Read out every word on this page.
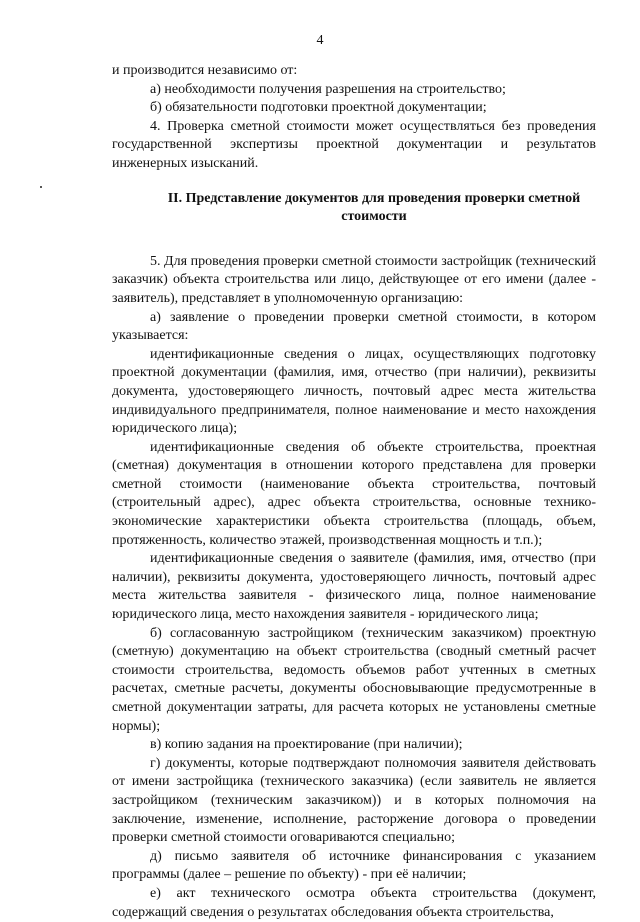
4

и производится независимо от:

а) необходимости получения разрешения на строительство;

б) обязательности подготовки проектной документации;

4. Проверка сметной стоимости может осуществляться без проведения государственной экспертизы проектной документации и результатов инженерных изысканий.

II. Представление документов для проведения проверки сметной стоимости

5. Для проведения проверки сметной стоимости застройщик (технический заказчик) объекта строительства или лицо, действующее от его имени (далее - заявитель), представляет в уполномоченную организацию:

а) заявление о проведении проверки сметной стоимости, в котором указывается:

идентификационные сведения о лицах, осуществляющих подготовку проектной документации (фамилия, имя, отчество (при наличии), реквизиты документа, удостоверяющего личность, почтовый адрес места жительства индивидуального предпринимателя, полное наименование и место нахождения юридического лица);

идентификационные сведения об объекте строительства, проектная (сметная) документация в отношении которого представлена для проверки сметной стоимости (наименование объекта строительства, почтовый (строительный адрес), адрес объекта строительства, основные технико-экономические характеристики объекта строительства (площадь, объем, протяженность, количество этажей, производственная мощность и т.п.);

идентификационные сведения о заявителе (фамилия, имя, отчество (при наличии), реквизиты документа, удостоверяющего личность, почтовый адрес места жительства заявителя - физического лица, полное наименование юридического лица, место нахождения заявителя - юридического лица;

б) согласованную застройщиком (техническим заказчиком) проектную (сметную) документацию на объект строительства (сводный сметный расчет стоимости строительства, ведомость объемов работ учтенных в сметных расчетах, сметные расчеты, документы обосновывающие предусмотренные в сметной документации затраты, для расчета которых не установлены сметные нормы);

в) копию задания на проектирование (при наличии);

г) документы, которые подтверждают полномочия заявителя действовать от имени застройщика (технического заказчика) (если заявитель не является застройщиком (техническим заказчиком)) и в которых полномочия на заключение, изменение, исполнение, расторжение договора о проведении проверки сметной стоимости оговариваются специально;

д) письмо заявителя об источнике финансирования с указанием программы (далее – решение по объекту) - при её наличии;

е) акт технического осмотра объекта строительства (документ, содержащий сведения о результатах обследования объекта строительства,
